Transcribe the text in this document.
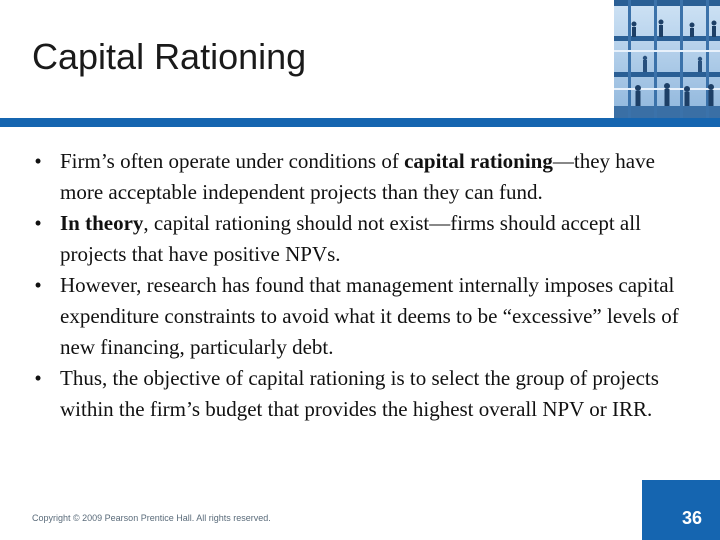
Capital Rationing
• Firm’s often operate under conditions of capital rationing—they have more acceptable independent projects than they can fund.
• In theory, capital rationing should not exist—firms should accept all projects that have positive NPVs.
• However, research has found that management internally imposes capital expenditure constraints to avoid what it deems to be “excessive” levels of new financing, particularly debt.
• Thus, the objective of capital rationing is to select the group of projects within the firm’s budget that provides the highest overall NPV or IRR.
Copyright © 2009 Pearson Prentice Hall. All rights reserved.	36
